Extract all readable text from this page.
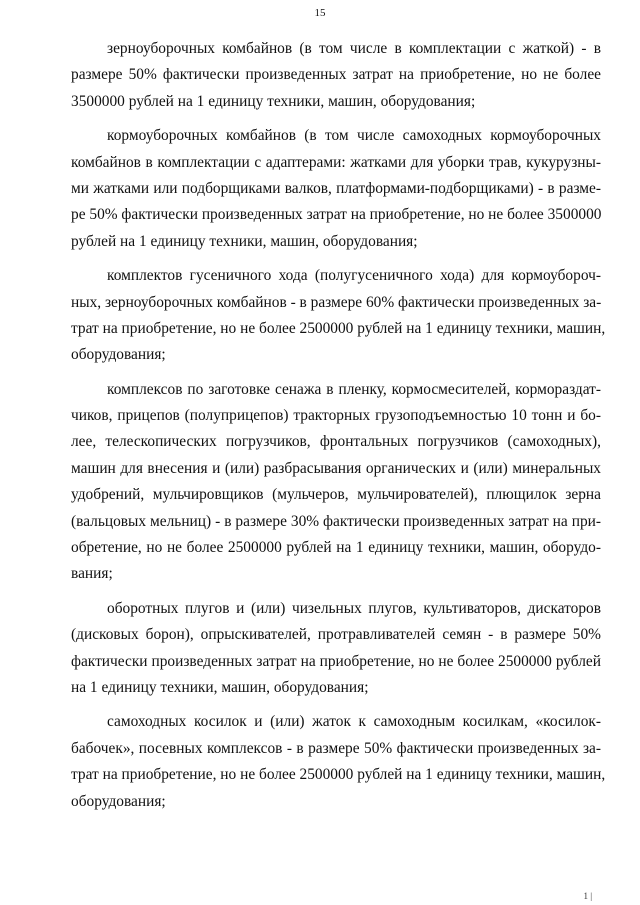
15
зерноуборочных комбайнов (в том числе в комплектации с жаткой) - в
размере 50% фактически произведенных затрат на приобретение, но не более
3500000 рублей на 1 единицу техники, машин, оборудования;
кормоуборочных комбайнов (в том числе самоходных кормоуборочных
комбайнов в комплектации с адаптерами: жатками для уборки трав, кукурузны-
ми жатками или подборщиками валков, платформами-подборщиками) - в разме-
ре 50% фактически произведенных затрат на приобретение, но не более 3500000
рублей на 1 единицу техники, машин, оборудования;
комплектов гусеничного хода (полугусеничного хода) для кормоубороч-
ных, зерноуборочных комбайнов - в размере 60% фактически произведенных за-
трат на приобретение, но не более 2500000 рублей на 1 единицу техники, машин,
оборудования;
комплексов по заготовке сенажа в пленку, кормосмесителей, кормораздат-
чиков, прицепов (полуприцепов) тракторных грузоподъемностью 10 тонн и бо-
лее, телескопических погрузчиков, фронтальных погрузчиков (самоходных),
машин для внесения и (или) разбрасывания органических и (или) минеральных
удобрений, мульчировщиков (мульчеров, мульчирователей), плющилок зерна
(вальцовых мельниц) - в размере 30% фактически произведенных затрат на при-
обретение, но не более 2500000 рублей на 1 единицу техники, машин, оборудо-
вания;
оборотных плугов и (или) чизельных плугов, культиваторов, дискаторов
(дисковых борон), опрыскивателей, протравливателей семян - в размере 50%
фактически произведенных затрат на приобретение, но не более 2500000 рублей
на 1 единицу техники, машин, оборудования;
самоходных косилок и (или) жаток к самоходным косилкам, «косилок-
бабочек», посевных комплексов - в размере 50% фактически произведенных за-
трат на приобретение, но не более 2500000 рублей на 1 единицу техники, машин,
оборудования;
1 |
